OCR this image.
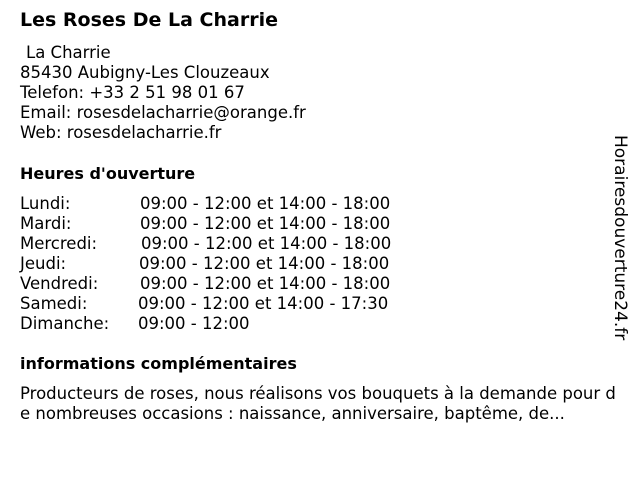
Les Roses De La Charrie
La Charrie
85430 Aubigny-Les Clouzeaux
Telefon: +33 2 51 98 01 67
Email: rosesdelacharrie@orange.fr
Web: rosesdelacharrie.fr
Heures d'ouverture
Lundi:	09:00 - 12:00 et 14:00 - 18:00
Mardi:	09:00 - 12:00 et 14:00 - 18:00
Mercredi:	09:00 - 12:00 et 14:00 - 18:00
Jeudi:	09:00 - 12:00 et 14:00 - 18:00
Vendredi:	09:00 - 12:00 et 14:00 - 18:00
Samedi:	09:00 - 12:00 et 14:00 - 17:30
Dimanche: 09:00 - 12:00
informations complémentaires
Producteurs de roses, nous réalisons vos bouquets à la demande pour de nombreuses occasions : naissance, anniversaire, baptême, de...
Horairesdouverture24.fr
